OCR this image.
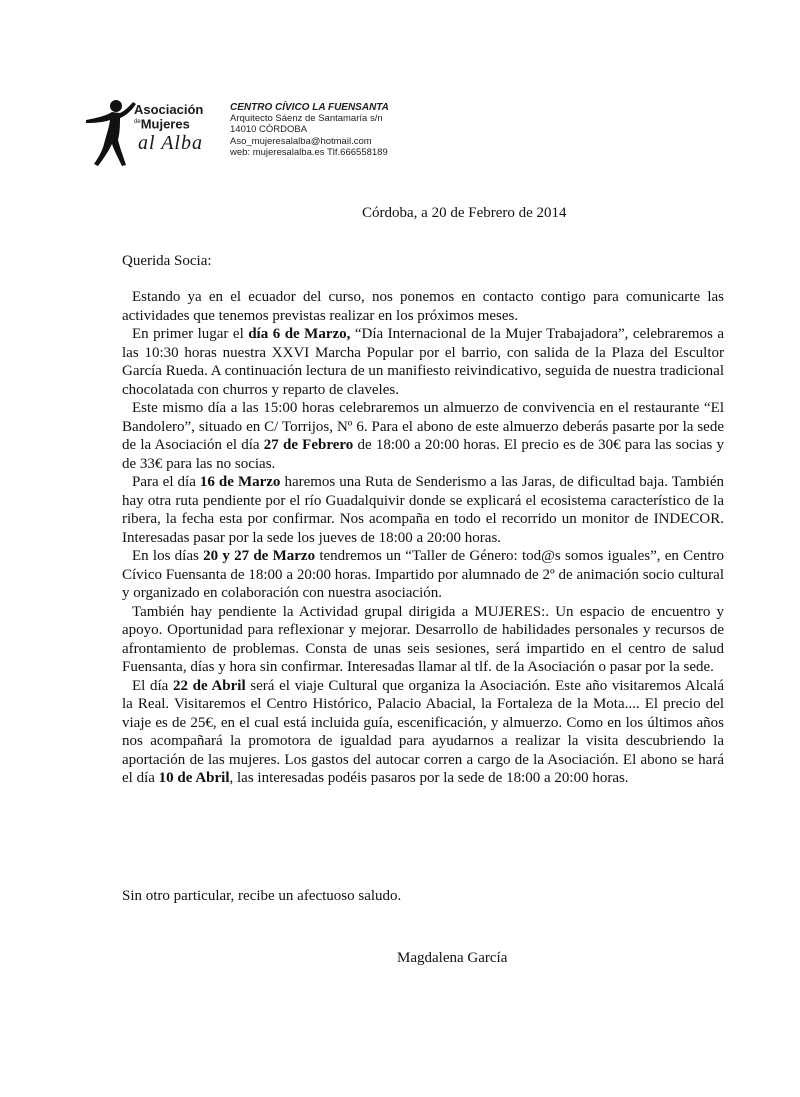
Asociación
$^{de}$Mujeres
al Alba
CENTRO CÍVICO LA FUENSANTA
Arquitecto Sáenz de Santamaría s/n
14010 CÓRDOBA
Aso_mujeresalalba@hotmail.com
web: mujeresalalba.es Tlf.666558189
Córdoba, a 20 de Febrero de 2014
Querida Socia:

Estando ya en el ecuador del curso, nos ponemos en contacto contigo para comunicarte las actividades que tenemos previstas realizar en los próximos meses.

En primer lugar el día 6 de Marzo, “Día Internacional de la Mujer Trabajadora”, celebraremos a las 10:30 horas nuestra XXVI Marcha Popular por el barrio, con salida de la Plaza del Escultor García Rueda. A continuación lectura de un manifiesto reivindicativo, seguida de nuestra tradicional chocolatada con churros y reparto de claveles.

Este mismo día a las 15:00 horas celebraremos un almuerzo de convivencia en el restaurante “El Bandolero”, situado en C/ Torrijos, Nº 6. Para el abono de este almuerzo deberás pasarte por la sede de la Asociación el día 27 de Febrero de 18:00 a 20:00 horas. El precio es de 30€ para las socias y de 33€ para las no socias.

Para el día 16 de Marzo haremos una Ruta de Senderismo a las Jaras, de dificultad baja. También hay otra ruta pendiente por el río Guadalquivir donde se explicará el ecosistema característico de la ribera, la fecha esta por confirmar. Nos acompaña en todo el recorrido un monitor de INDECOR. Interesadas pasar por la sede los jueves de 18:00 a 20:00 horas.

En los días 20 y 27 de Marzo tendremos un “Taller de Género: tod@s somos iguales”, en Centro Cívico Fuensanta de 18:00 a 20:00 horas. Impartido por alumnado de 2º de animación socio cultural y organizado en colaboración con nuestra asociación.

También hay pendiente la Actividad grupal dirigida a MUJERES:. Un espacio de encuentro y apoyo. Oportunidad para reflexionar y mejorar. Desarrollo de habilidades personales y recursos de afrontamiento de problemas. Consta de unas seis sesiones, será impartido en el centro de salud Fuensanta, días y hora sin confirmar. Interesadas llamar al tlf. de la Asociación o pasar por la sede.

El día 22 de Abril será el viaje Cultural que organiza la Asociación. Este año visitaremos Alcalá la Real. Visitaremos el Centro Histórico, Palacio Abacial, la Fortaleza de la Mota.... El precio del viaje es de 25€, en el cual está incluida guía, escenificación, y almuerzo. Como en los últimos años nos acompañará la promotora de igualdad para ayudarnos a realizar la visita descubriendo la aportación de las mujeres. Los gastos del autocar corren a cargo de la Asociación. El abono se hará el día 10 de Abril, las interesadas podéis pasaros por la sede de 18:00 a 20:00 horas.

Sin otro particular, recibe un afectuoso saludo.
Magdalena García
